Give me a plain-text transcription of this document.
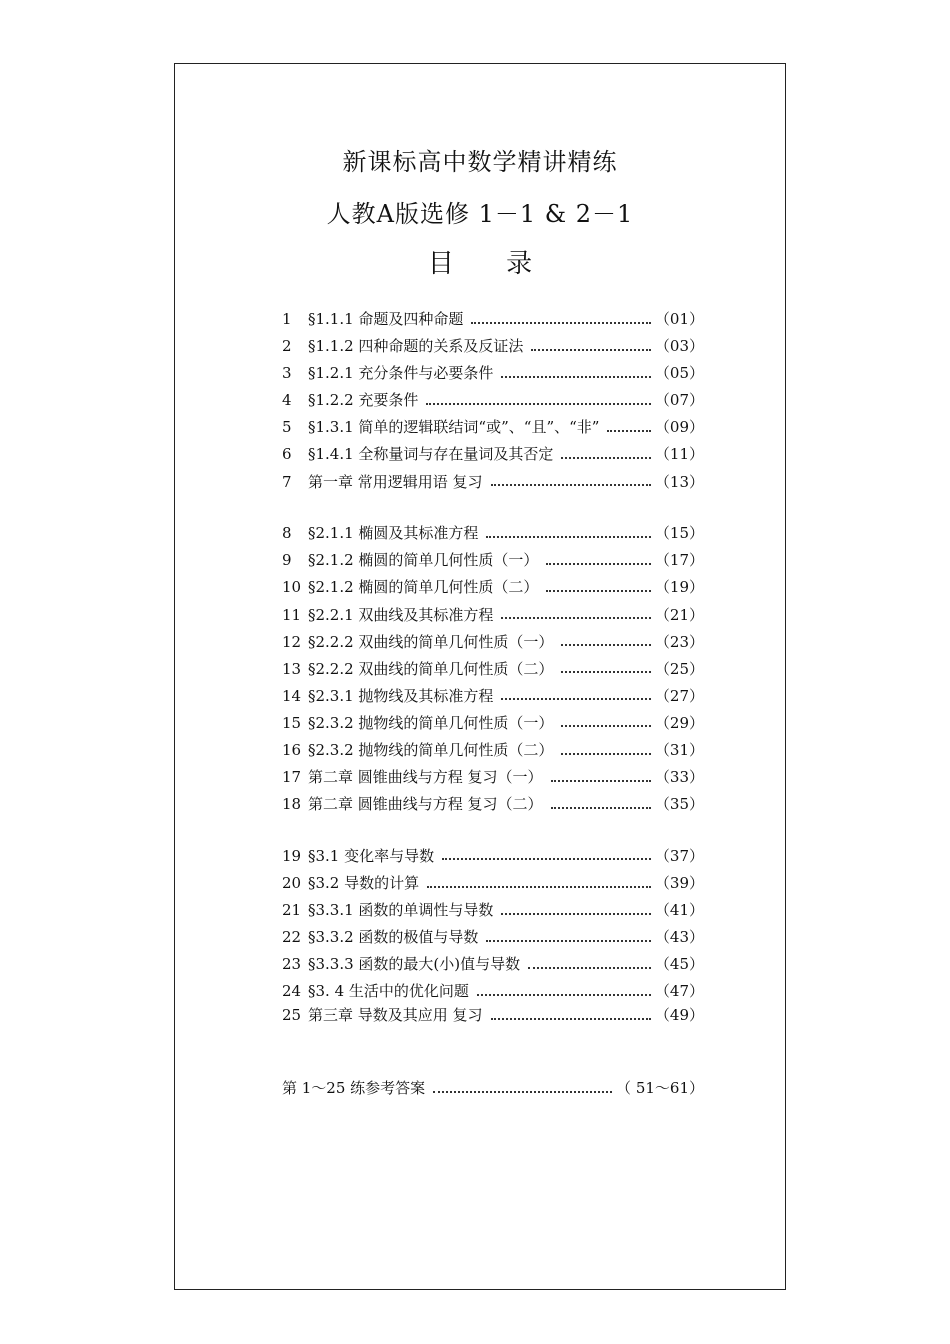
新课标高中数学精讲精练
人教A版选修 1－1 & 2－1
目 录
1	§1.1.1 命题及四种命题	（01）
2	§1.1.2 四种命题的关系及反证法	（03）
3	§1.2.1 充分条件与必要条件	（05）
4	§1.2.2 充要条件	（07）
5	§1.3.1 简单的逻辑联结词“或”、“且”、“非”	（09）
6	§1.4.1 全称量词与存在量词及其否定	（11）
7	第一章 常用逻辑用语 复习	（13）
8	§2.1.1 椭圆及其标准方程	（15）
9	§2.1.2 椭圆的简单几何性质（一）	（17）
10 §2.1.2 椭圆的简单几何性质（二）	（19）
11 §2.2.1 双曲线及其标准方程	（21）
12 §2.2.2 双曲线的简单几何性质（一）	（23）
13 §2.2.2 双曲线的简单几何性质（二）	（25）
14 §2.3.1 抛物线及其标准方程	（27）
15 §2.3.2 抛物线的简单几何性质（一）	（29）
16 §2.3.2 抛物线的简单几何性质（二）	（31）
17 第二章 圆锥曲线与方程 复习（一）	（33）
18 第二章 圆锥曲线与方程 复习（二）	（35）
19 §3.1 变化率与导数	（37）
20 §3.2 导数的计算	（39）
21 §3.3.1 函数的单调性与导数	（41）
22 §3.3.2 函数的极值与导数	（43）
23 §3.3.3 函数的最大(小)值与导数	（45）
24 §3. 4 生活中的优化问题	（47）
25 第三章 导数及其应用 复习	（49）
第 1～25 练参考答案	（ 51～61）
